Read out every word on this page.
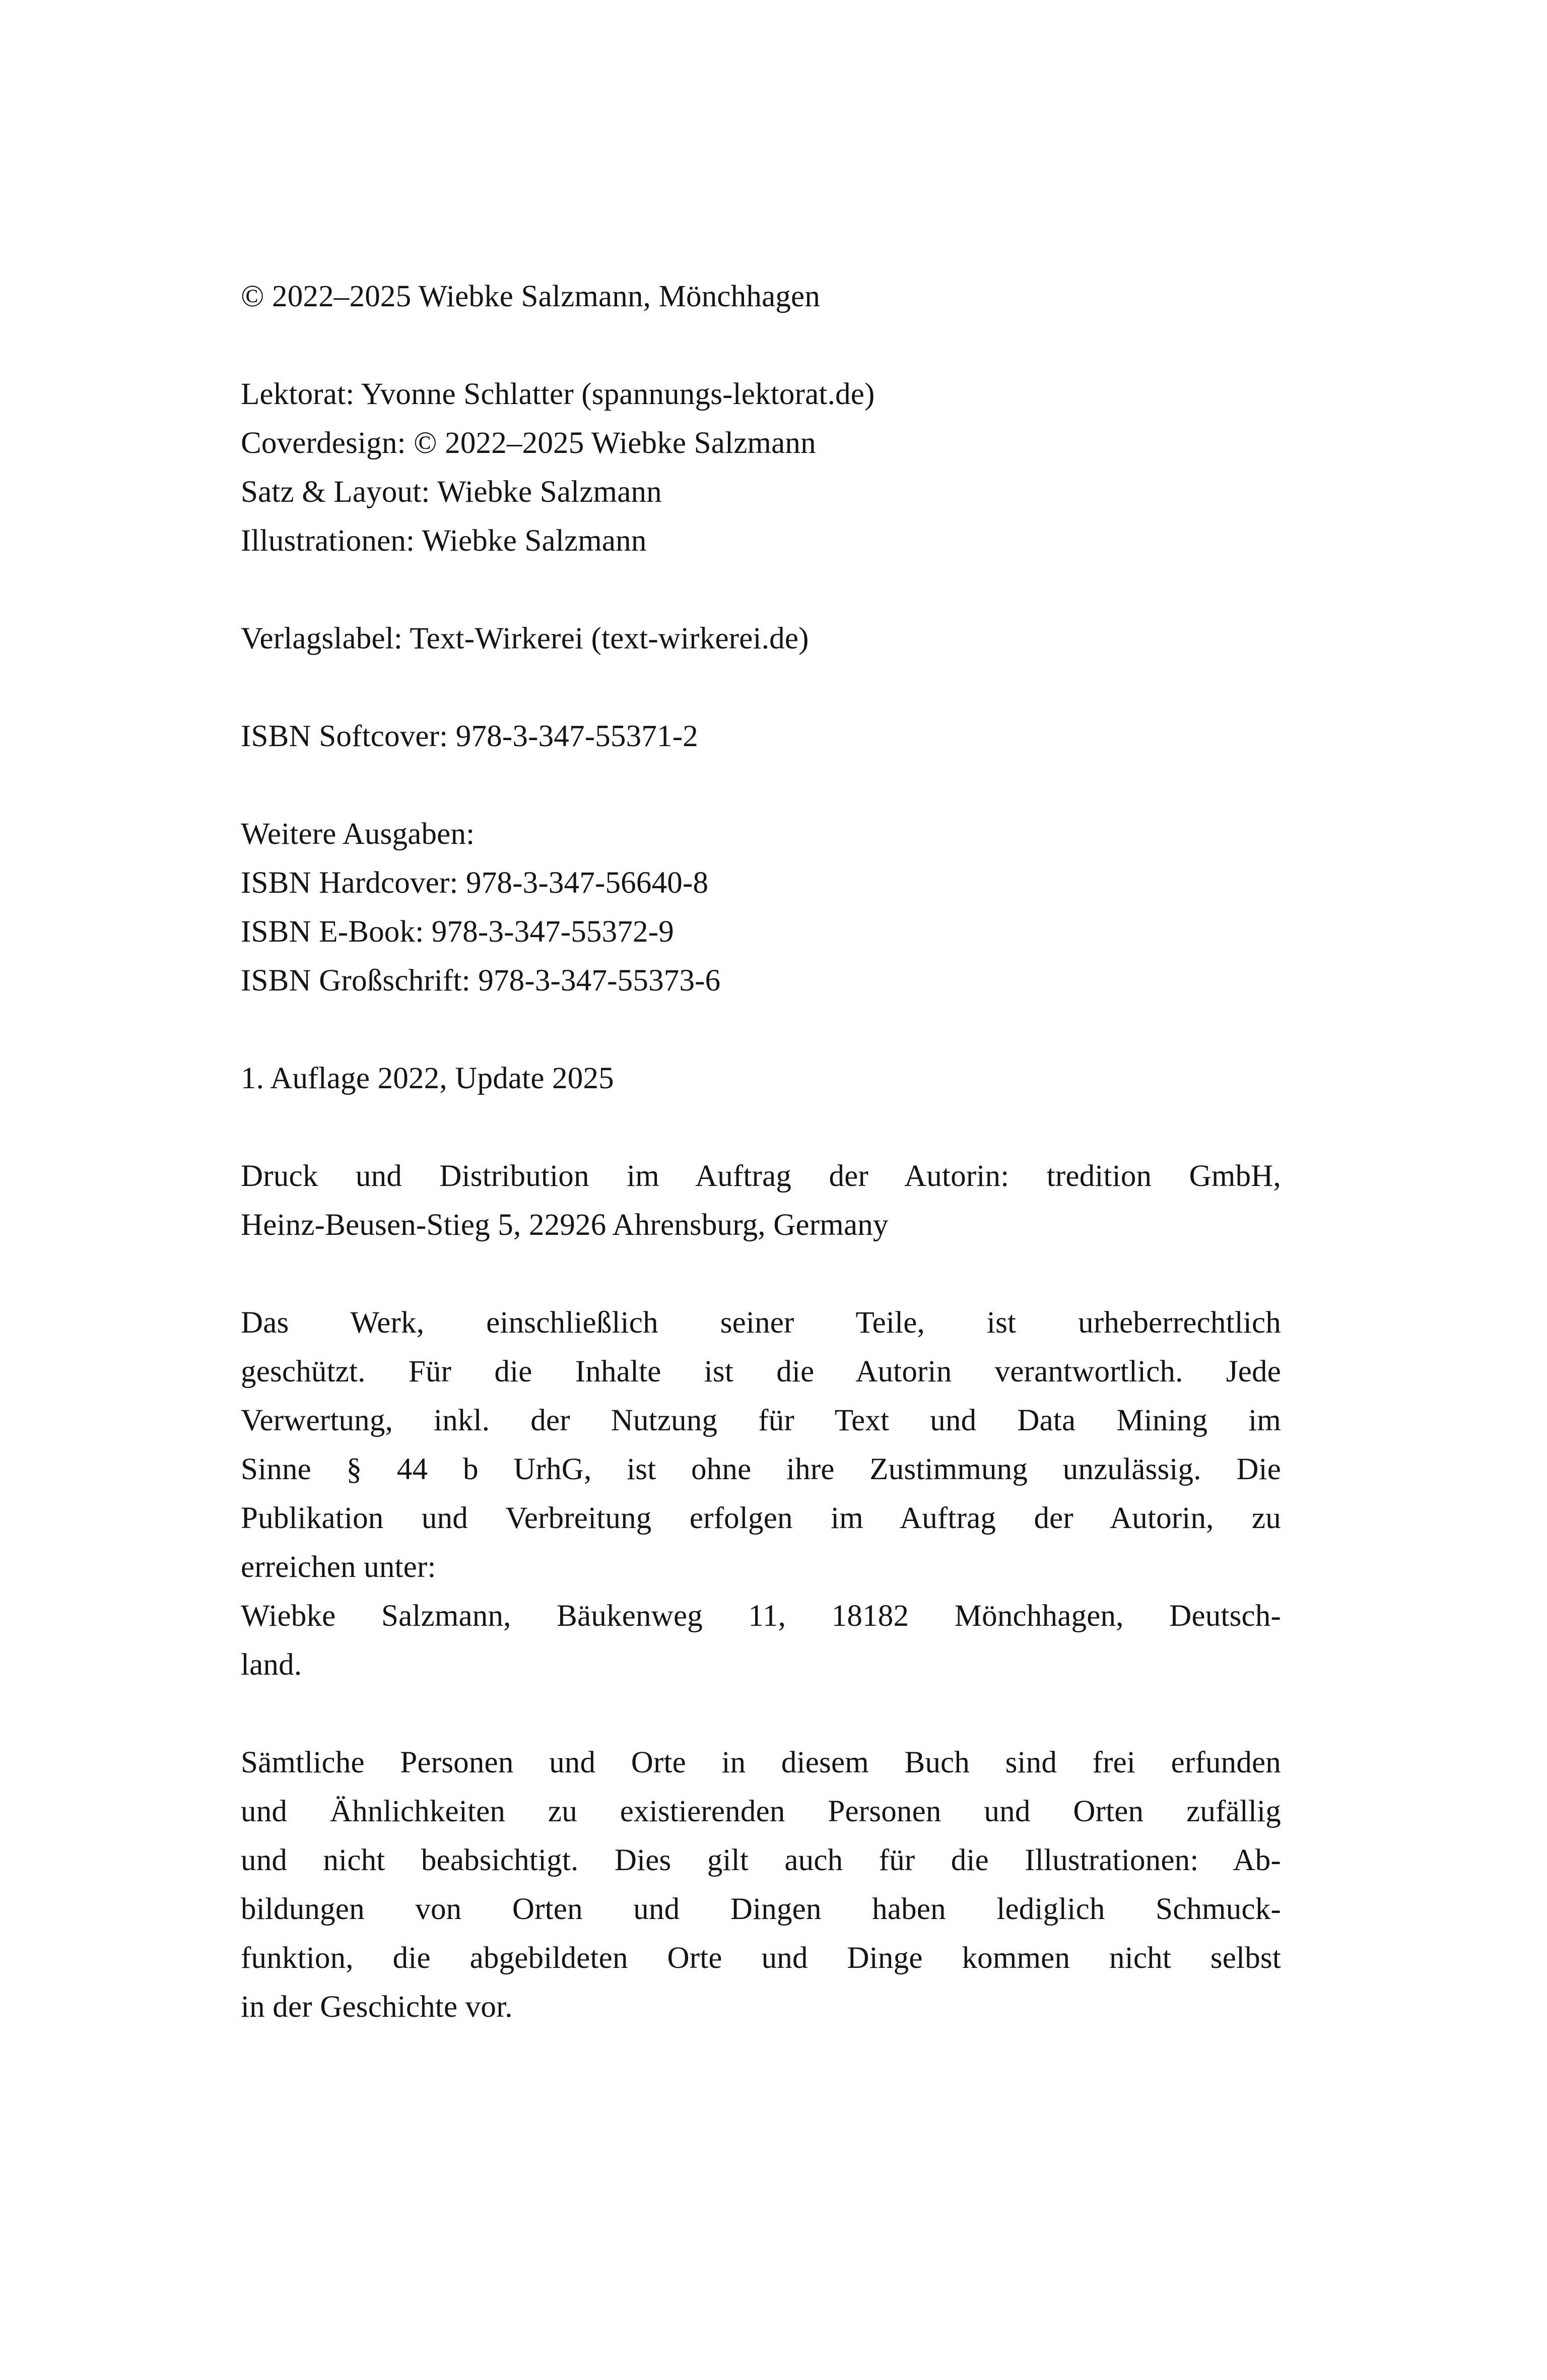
© 2022–2025 Wiebke Salzmann, Mönchhagen
Lektorat: Yvonne Schlatter (spannungs-lektorat.de)
Coverdesign: © 2022–2025 Wiebke Salzmann
Satz & Layout: Wiebke Salzmann
Illustrationen: Wiebke Salzmann
Verlagslabel: Text-Wirkerei (text-wirkerei.de)
ISBN Softcover: 978-3-347-55371-2
Weitere Ausgaben:
ISBN Hardcover: 978-3-347-56640-8
ISBN E-Book: 978-3-347-55372-9
ISBN Großschrift: 978-3-347-55373-6
1. Auflage 2022, Update 2025
Druck und Distribution im Auftrag der Autorin: tredition GmbH,
Heinz-Beusen-Stieg 5, 22926 Ahrensburg, Germany
Das Werk, einschließlich seiner Teile, ist urheberrechtlich
geschützt. Für die Inhalte ist die Autorin verantwortlich. Jede
Verwertung, inkl. der Nutzung für Text und Data Mining im
Sinne § 44 b UrhG, ist ohne ihre Zustimmung unzulässig. Die
Publikation und Verbreitung erfolgen im Auftrag der Autorin, zu
erreichen unter:
Wiebke Salzmann, Bäukenweg 11, 18182 Mönchhagen, Deutsch-
land.
Sämtliche Personen und Orte in diesem Buch sind frei erfunden
und Ähnlichkeiten zu existierenden Personen und Orten zufällig
und nicht beabsichtigt. Dies gilt auch für die Illustrationen: Ab-
bildungen von Orten und Dingen haben lediglich Schmuck-
funktion, die abgebildeten Orte und Dinge kommen nicht selbst
in der Geschichte vor.
